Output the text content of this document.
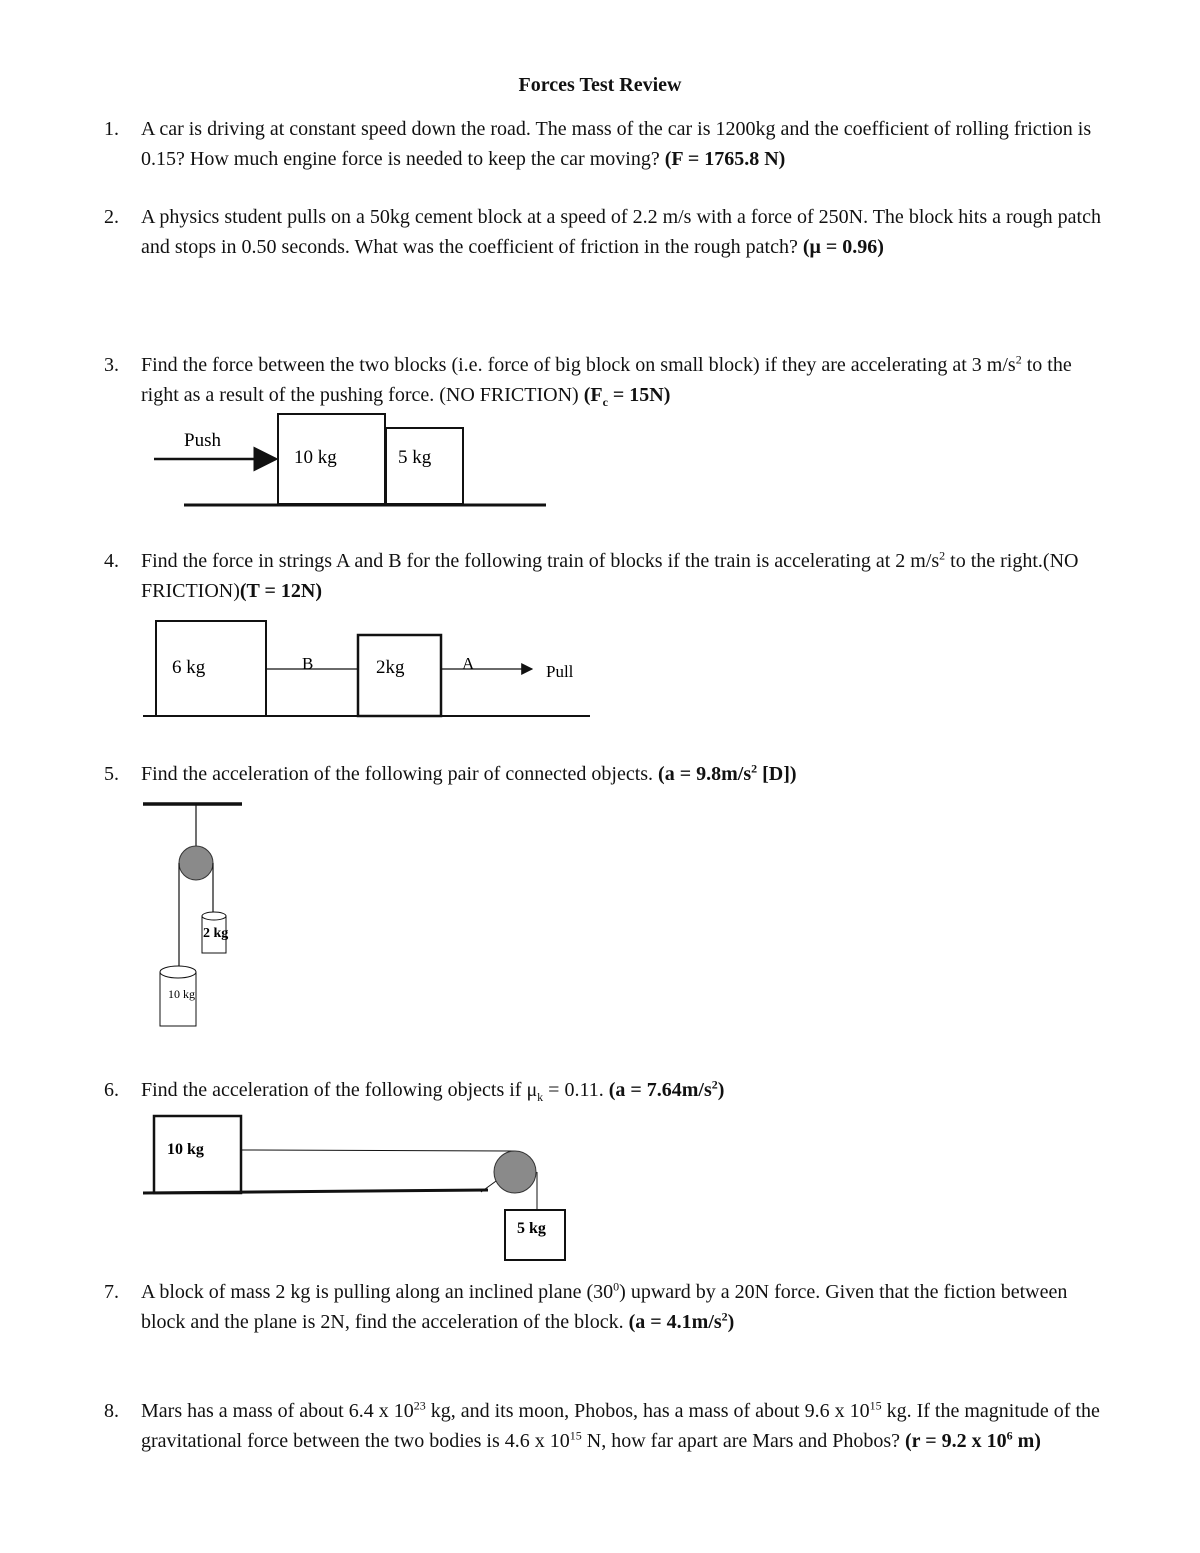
Forces Test Review
1.	A car is driving at constant speed down the road. The mass of the car is 1200kg and the coefficient of rolling friction is 0.15? How much engine force is needed to keep the car moving? (F = 1765.8 N)
2.	A physics student pulls on a 50kg cement block at a speed of 2.2 m/s with a force of 250N. The block hits a rough patch and stops in 0.50 seconds. What was the coefficient of friction in the rough patch? (μ = 0.96)
3.	Find the force between the two blocks (i.e. force of big block on small block) if they are accelerating at 3 $m/s^2$ to the right as a result of the pushing force. (NO FRICTION) $(F_c = 15N)$
4.	Find the force in strings A and B for the following train of blocks if the train is accelerating at 2 $m/s^2$ to the right.(NO FRICTION)(T = 12N)
5.	Find the acceleration of the following pair of connected objects. ($a = 9.8m/s^2$ [D])
6.	Find the acceleration of the following objects if $\mu_k = 0.11$. $(a = 7.64m/s^2)$
7.	A block of mass 2 kg is pulling along an inclined plane $(30^0)$ upward by a 20N force. Given that the fiction between block and the plane is 2N, find the acceleration of the block. $(a = 4.1m/s^2)$
8.	Mars has a mass of about 6.4 x $10^{23}$ kg, and its moon, Phobos, has a mass of about 9.6 x $10^{15}$ kg. If the magnitude of the gravitational force between the two bodies is 4.6 x $10^{15}$ N, how far apart are Mars and Phobos? (r = 9.2 x $10^6$ m)
Push
10 kg	5 kg
6 kg	B	2kg	A	Pull
2 kg
10 kg
10 kg
5 kg
